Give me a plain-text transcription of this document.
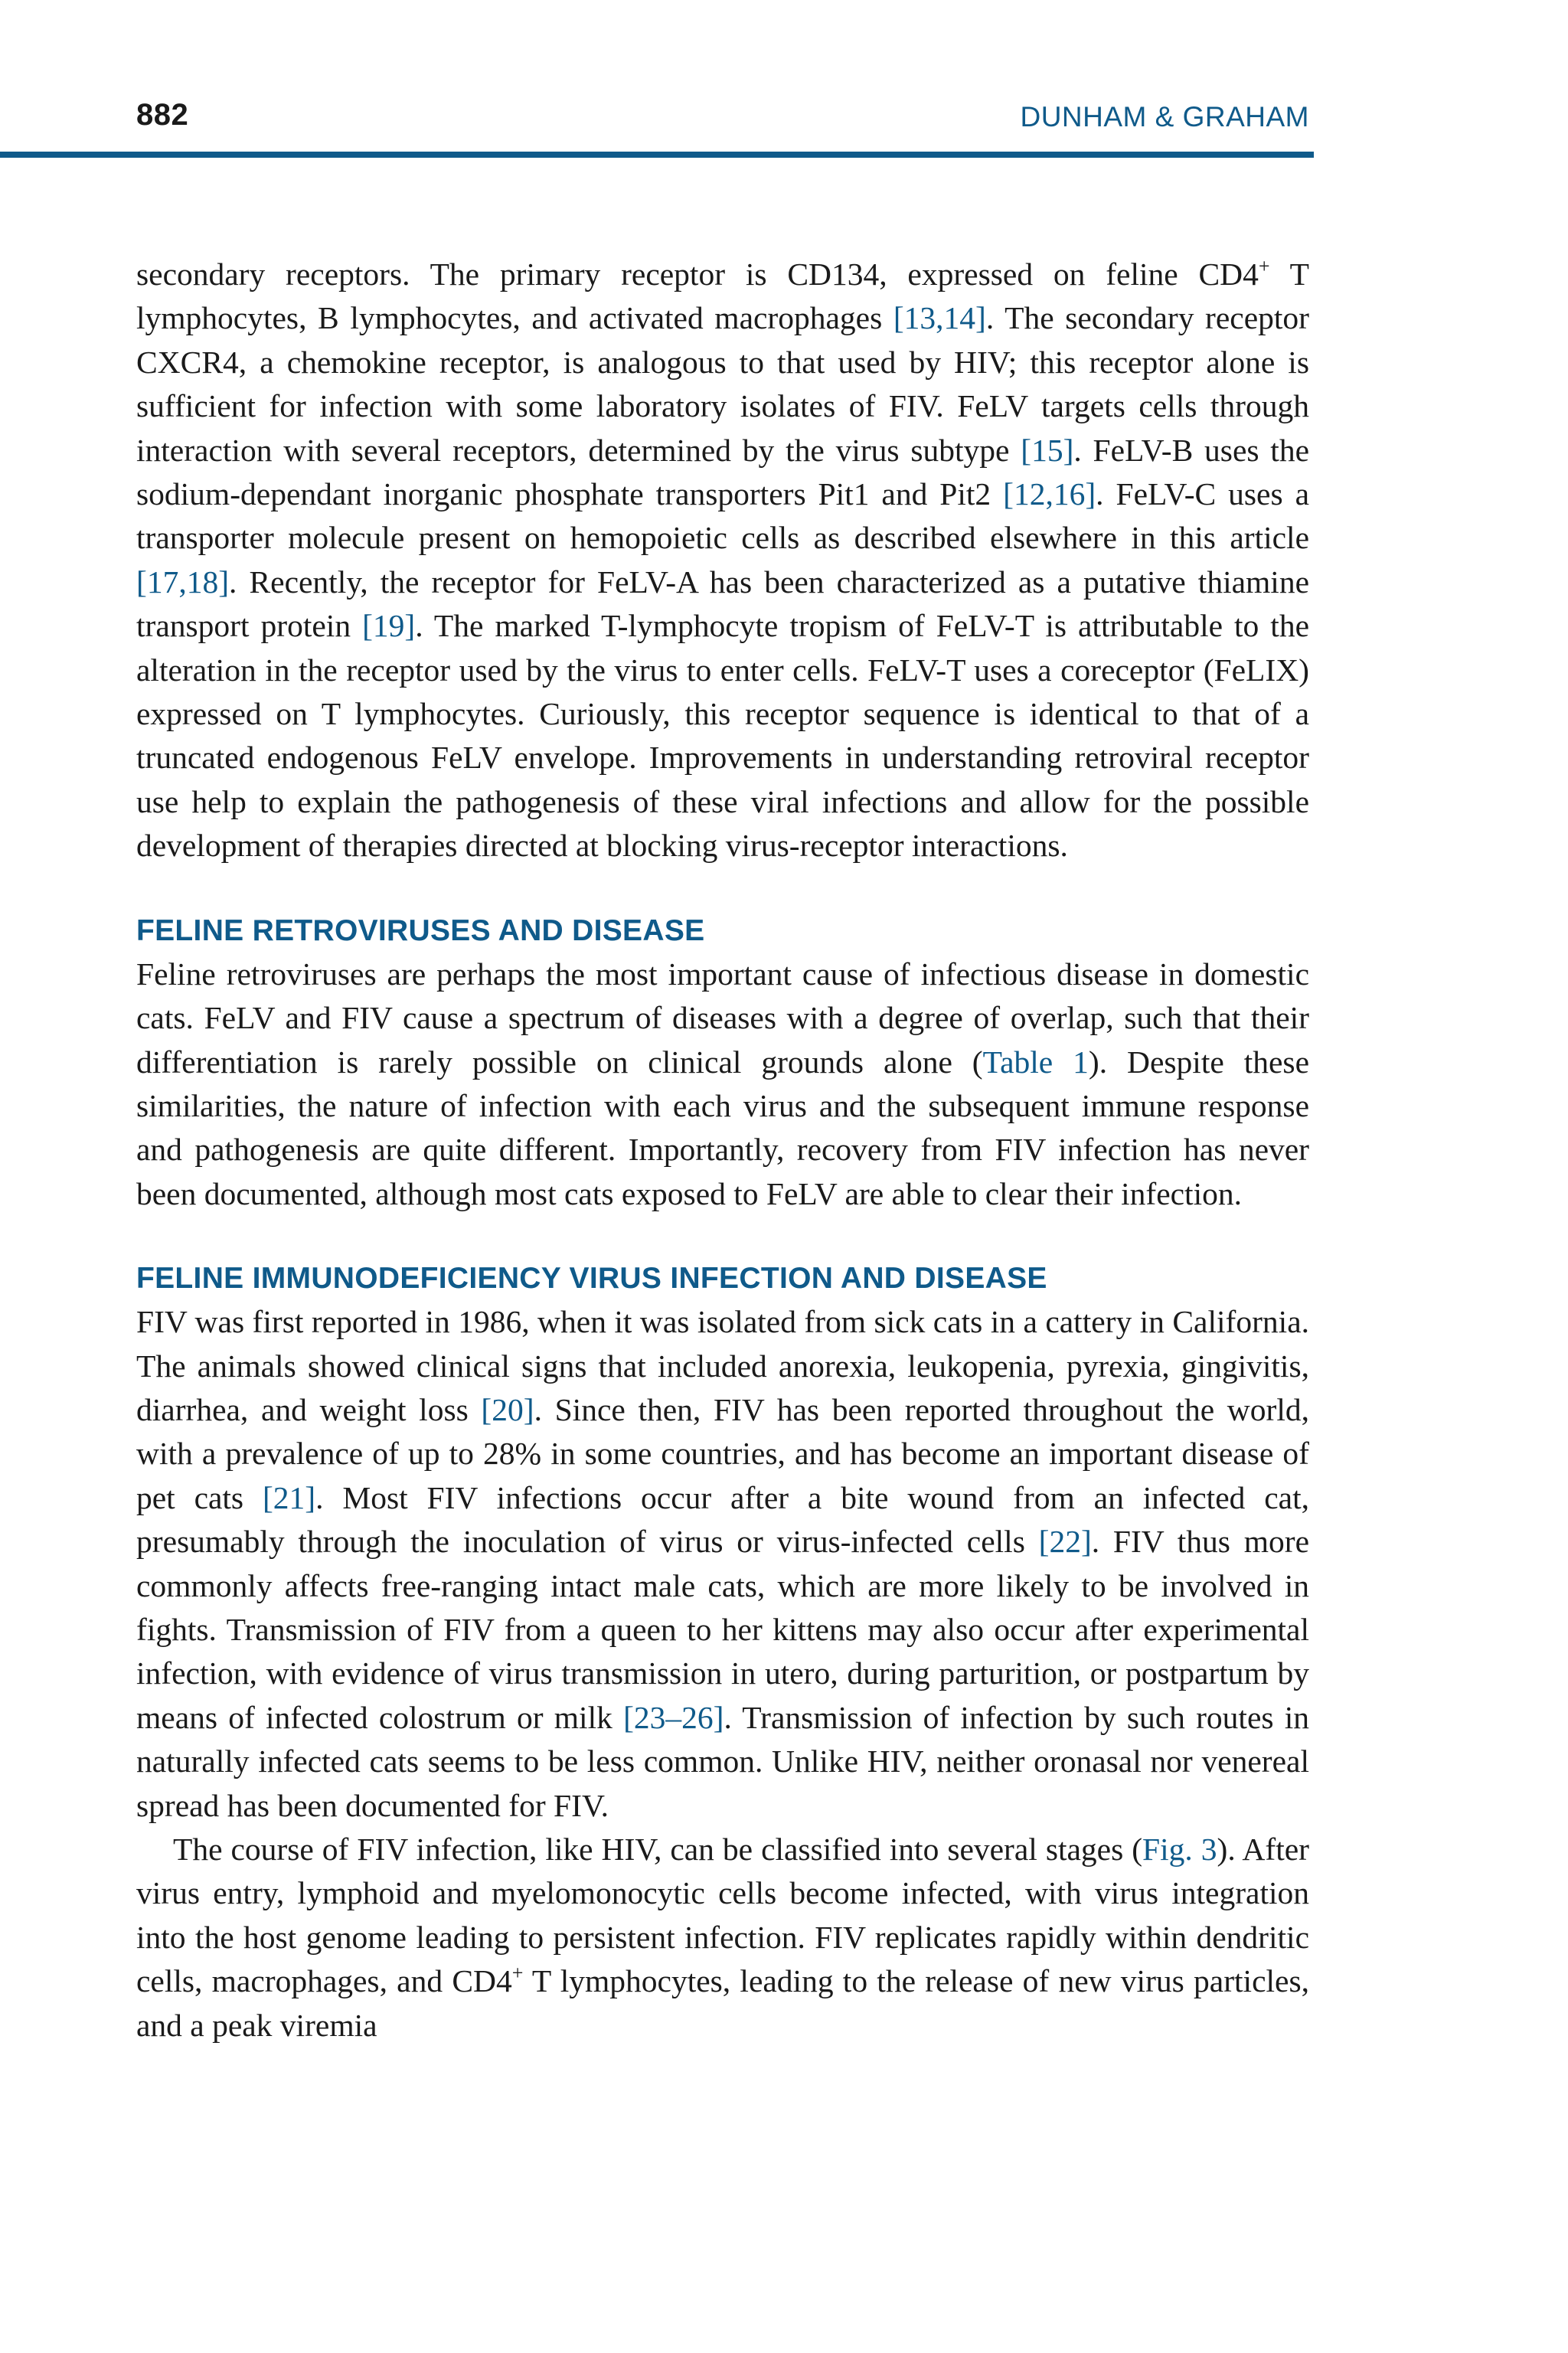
882	DUNHAM & GRAHAM

secondary receptors. The primary receptor is CD134, expressed on feline CD4+ T lymphocytes, B lymphocytes, and activated macrophages [13,14]. The secondary receptor CXCR4, a chemokine receptor, is analogous to that used by HIV; this receptor alone is sufficient for infection with some laboratory isolates of FIV. FeLV targets cells through interaction with several receptors, determined by the virus subtype [15]. FeLV-B uses the sodium-dependant inorganic phosphate transporters Pit1 and Pit2 [12,16]. FeLV-C uses a transporter molecule present on hemopoietic cells as described elsewhere in this article [17,18]. Recently, the receptor for FeLV-A has been characterized as a putative thiamine transport protein [19]. The marked T-lymphocyte tropism of FeLV-T is attributable to the alteration in the receptor used by the virus to enter cells. FeLV-T uses a coreceptor (FeLIX) expressed on T lymphocytes. Curiously, this receptor sequence is identical to that of a truncated endogenous FeLV envelope. Improvements in understanding retroviral receptor use help to explain the pathogenesis of these viral infections and allow for the possible development of therapies directed at blocking virus-receptor interactions.

FELINE RETROVIRUSES AND DISEASE

Feline retroviruses are perhaps the most important cause of infectious disease in domestic cats. FeLV and FIV cause a spectrum of diseases with a degree of overlap, such that their differentiation is rarely possible on clinical grounds alone (Table 1). Despite these similarities, the nature of infection with each virus and the subsequent immune response and pathogenesis are quite different. Importantly, recovery from FIV infection has never been documented, although most cats exposed to FeLV are able to clear their infection.

FELINE IMMUNODEFICIENCY VIRUS INFECTION AND DISEASE

FIV was first reported in 1986, when it was isolated from sick cats in a cattery in California. The animals showed clinical signs that included anorexia, leukopenia, pyrexia, gingivitis, diarrhea, and weight loss [20]. Since then, FIV has been reported throughout the world, with a prevalence of up to 28% in some countries, and has become an important disease of pet cats [21]. Most FIV infections occur after a bite wound from an infected cat, presumably through the inoculation of virus or virus-infected cells [22]. FIV thus more commonly affects free-ranging intact male cats, which are more likely to be involved in fights. Transmission of FIV from a queen to her kittens may also occur after experimental infection, with evidence of virus transmission in utero, during parturition, or postpartum by means of infected colostrum or milk [23–26]. Transmission of infection by such routes in naturally infected cats seems to be less common. Unlike HIV, neither oronasal nor venereal spread has been documented for FIV.

The course of FIV infection, like HIV, can be classified into several stages (Fig. 3). After virus entry, lymphoid and myelomonocytic cells become infected, with virus integration into the host genome leading to persistent infection. FIV replicates rapidly within dendritic cells, macrophages, and CD4+ T lymphocytes, leading to the release of new virus particles, and a peak viremia
